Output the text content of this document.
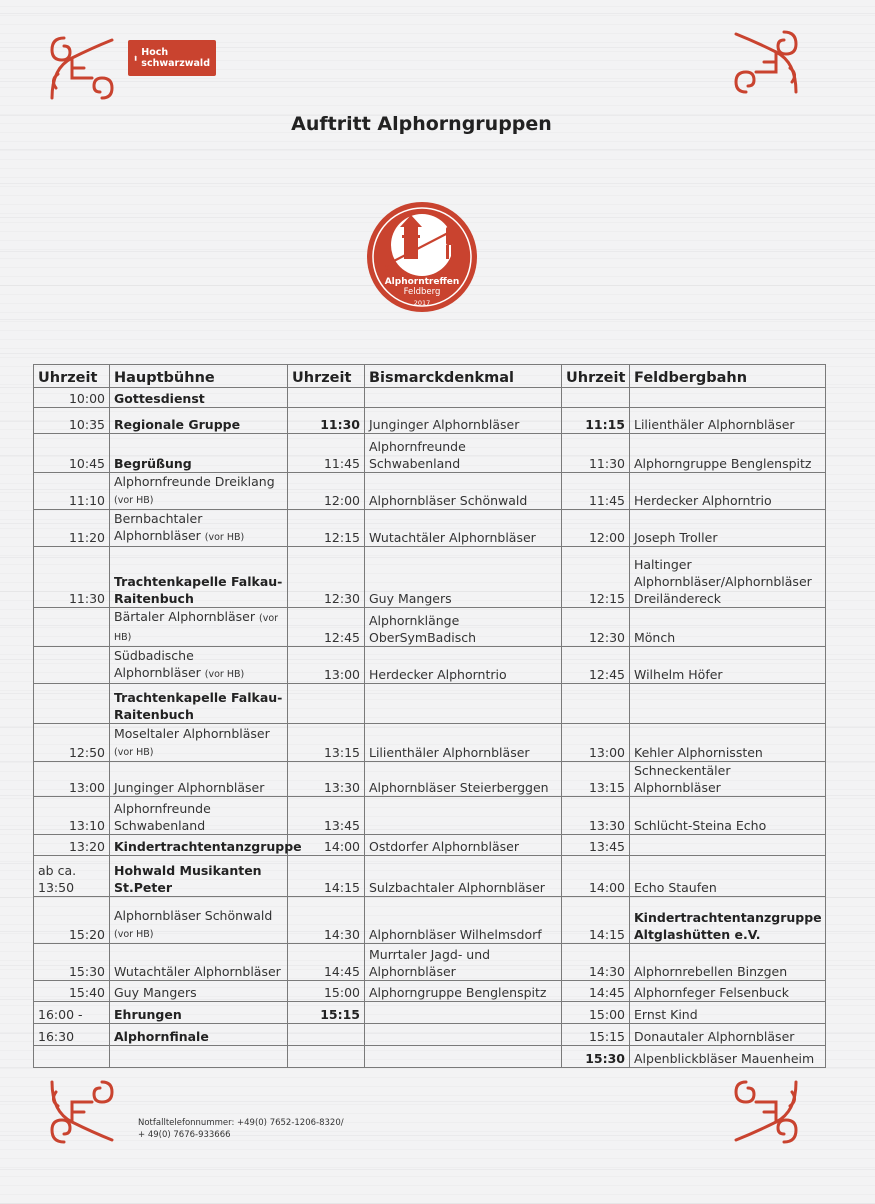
Hoch
schwarzwald
Auftritt Alphorngruppen
Alphorntreffen
Feldberg
2017
Uhrzeit	Hauptbühne	Uhrzeit	Bismarckdenkmal	Uhrzeit	Feldbergbahn
10:00	Gottesdienst				
10:35	Regionale Gruppe	11:30	Junginger Alphornbläser	11:15	Lilienthäler Alphornbläser
10:45	Begrüßung	11:45	Alphornfreunde Schwabenland	11:30	Alphorngruppe Benglenspitz
11:10	Alphornfreunde Dreiklang (vor HB)	12:00	Alphornbläser Schönwald	11:45	Herdecker Alphorntrio
11:20	Bernbachtaler Alphornbläser (vor HB)	12:15	Wutachtäler Alphornbläser	12:00	Joseph Troller
11:30	Trachtenkapelle Falkau-Raitenbuch	12:30	Guy Mangers	12:15	Haltinger Alphornbläser/Alphornbläser Dreiländereck
	Bärtaler Alphornbläser (vor HB)	12:45	Alphornklänge OberSymBadisch	12:30	Mönch
	Südbadische Alphornbläser (vor HB)	13:00	Herdecker Alphorntrio	12:45	Wilhelm Höfer
	Trachtenkapelle Falkau-Raitenbuch				
12:50	Moseltaler Alphornbläser (vor HB)	13:15	Lilienthäler Alphornbläser	13:00	Kehler Alphornissten
13:00	Junginger Alphornbläser	13:30	Alphornbläser Steierberggen	13:15	Schneckentäler Alphornbläser
13:10	Alphornfreunde Schwabenland	13:45		13:30	Schlücht-Steina Echo
13:20	Kindertrachtentanzgruppe	14:00	Ostdorfer Alphornbläser	13:45	
ab ca. 13:50	Hohwald Musikanten St.Peter	14:15	Sulzbachtaler Alphornbläser	14:00	Echo Staufen
15:20	Alphornbläser Schönwald (vor HB)	14:30	Alphornbläser Wilhelmsdorf	14:15	Kindertrachtentanzgruppe Altglashütten e.V.
15:30	Wutachtäler Alphornbläser	14:45	Murrtaler Jagd- und Alphornbläser	14:30	Alphornrebellen Binzgen
15:40	Guy Mangers	15:00	Alphorngruppe Benglenspitz	14:45	Alphornfeger Felsenbuck
16:00 -	Ehrungen	15:15		15:00	Ernst Kind
16:30	Alphornfinale			15:15	Donautaler Alphornbläser
				15:30	Alpenblickbläser Mauenheim
Notfalltelefonnummer: +49(0) 7652-1206-8320/
+ 49(0) 7676-933666
